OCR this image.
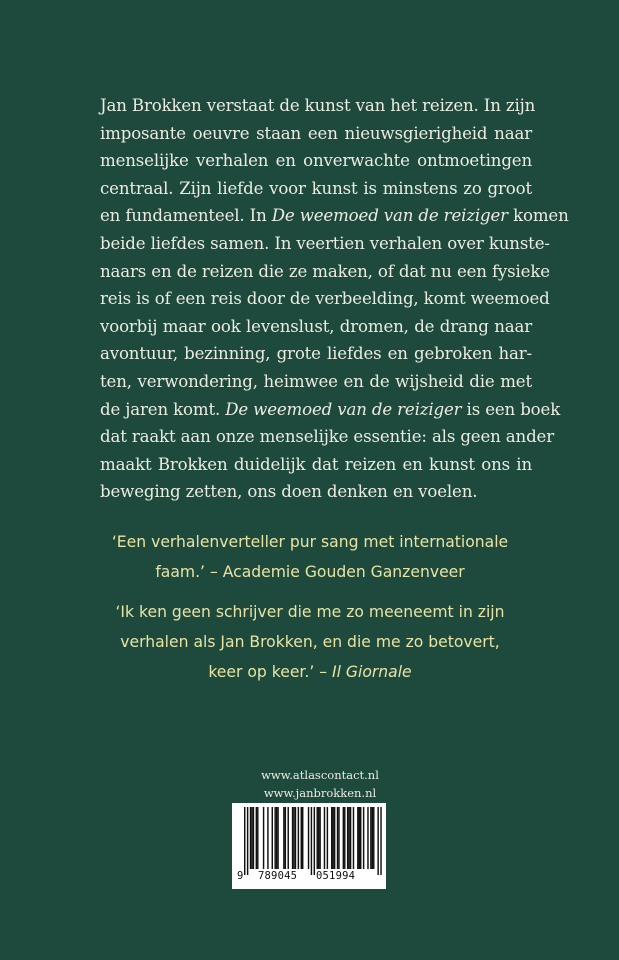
Jan Brokken verstaat de kunst van het reizen. In zijn
imposante oeuvre staan een nieuwsgierigheid naar
menselijke verhalen en onverwachte ontmoetingen
centraal. Zijn liefde voor kunst is minstens zo groot
en fundamenteel. In De weemoed van de reiziger komen
beide liefdes samen. In veertien verhalen over kunste-
naars en de reizen die ze maken, of dat nu een fysieke
reis is of een reis door de verbeelding, komt weemoed
voorbij maar ook levenslust, dromen, de drang naar
avontuur, bezinning, grote liefdes en gebroken har-
ten, verwondering, heimwee en de wijsheid die met
de jaren komt. De weemoed van de reiziger is een boek
dat raakt aan onze menselijke essentie: als geen ander
maakt Brokken duidelijk dat reizen en kunst ons in
beweging zetten, ons doen denken en voelen.
‘Een verhalenverteller pur sang met internationale
faam.’ – Academie Gouden Ganzenveer
‘Ik ken geen schrijver die me zo meeneemt in zijn
verhalen als Jan Brokken, en die me zo betovert,
keer op keer.’ – Il Giornale
www.atlascontact.nl
www.janbrokken.nl
9 789045 051994
